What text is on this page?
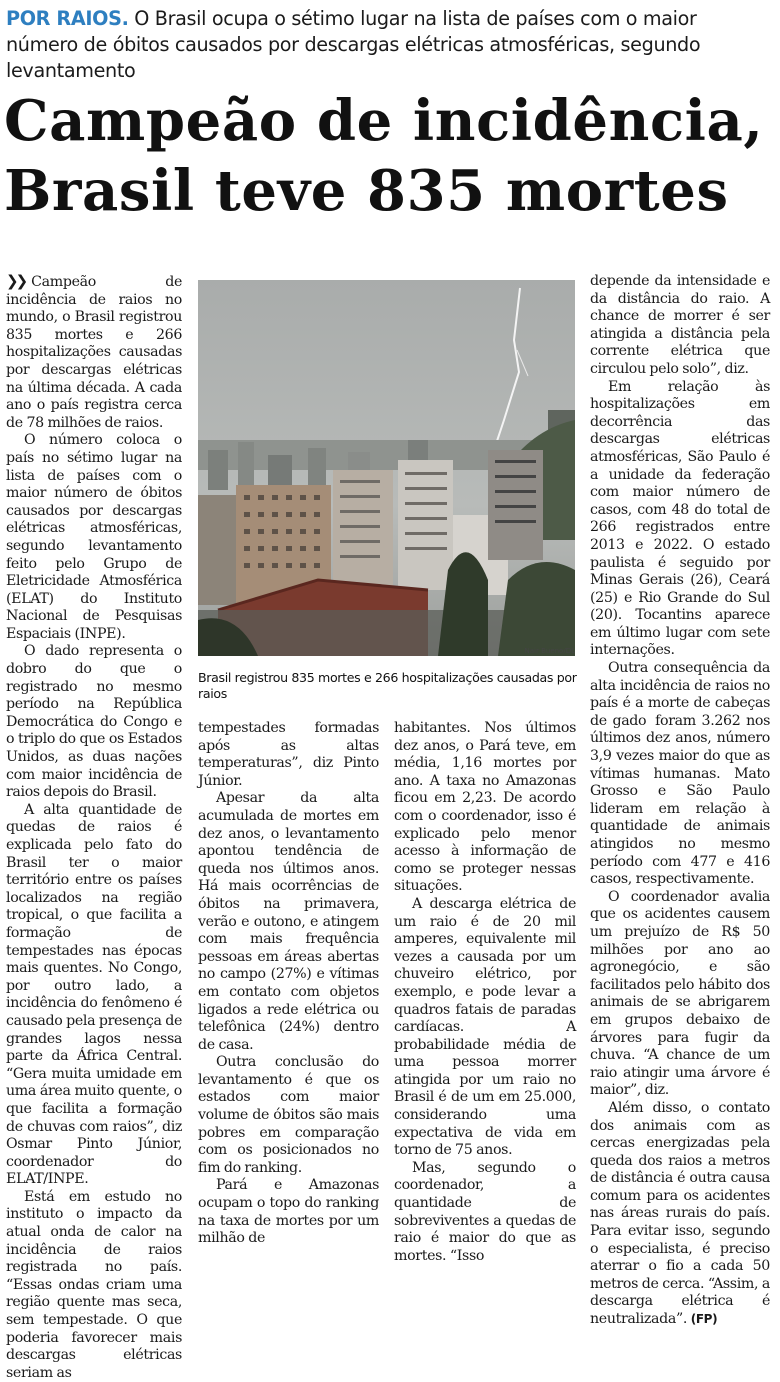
POR RAIOS. O Brasil ocupa o sétimo lugar na lista de países com o maior número de óbitos causados por descargas elétricas atmosféricas, segundo levantamento
Campeão de incidência,
Brasil teve 835 mortes

❯❯ Campeão de incidência de raios no mundo, o Brasil registrou 835 mortes e 266 hospitalizações causadas por descargas elétricas na última década. A cada ano o país registra cerca de 78 milhões de raios.

O número coloca o país no sétimo lugar na lista de países com o maior número de óbitos causados por descargas elétricas atmosféricas, segundo levantamento feito pelo Grupo de Eletricidade Atmosférica (ELAT) do Instituto Nacional de Pesquisas Espaciais (INPE).

O dado representa o dobro do que o registrado no mesmo período na República Democrática do Congo e o triplo do que os Estados Unidos, as duas nações com maior incidência de raios depois do Brasil.

A alta quantidade de quedas de raios é explicada pelo fato do Brasil ter o maior território entre os países localizados na região tropical, o que facilita a formação de tempestades nas épocas mais quentes. No Congo, por outro lado, a incidência do fenômeno é causado pela presença de grandes lagos nessa parte da África Central. “Gera muita umidade em uma área muito quente, o que facilita a formação de chuvas com raios”, diz Osmar Pinto Júnior, coordenador do ELAT/INPE.

Está em estudo no instituto o impacto da atual onda de calor na incidência de raios registrada no país. “Essas ondas criam uma região quente mas seca, sem tempestade. O que poderia favorecer mais descargas elétricas seriam as

Nair Bueno/DL
Brasil registrou 835 mortes e 266 hospitalizações causadas por raios

tempestades formadas após as altas temperaturas”, diz Pinto Júnior.

Apesar da alta acumulada de mortes em dez anos, o levantamento apontou tendência de queda nos últimos anos. Há mais ocorrências de óbitos na primavera, verão e outono, e atingem com mais frequência pessoas em áreas abertas no campo (27%) e vítimas em contato com objetos ligados a rede elétrica ou telefônica (24%) dentro de casa.

Outra conclusão do levantamento é que os estados com maior volume de óbitos são mais pobres em comparação com os posicionados no fim do ranking.

Pará e Amazonas ocupam o topo do ranking na taxa de mortes por um milhão de

habitantes. Nos últimos dez anos, o Pará teve, em média, 1,16 mortes por ano. A taxa no Amazonas ficou em 2,23. De acordo com o coordenador, isso é explicado pelo menor acesso à informação de como se proteger nessas situações.

A descarga elétrica de um raio é de 20 mil amperes, equivalente mil vezes a causada por um chuveiro elétrico, por exemplo, e pode levar a quadros fatais de paradas cardíacas. A probabilidade média de uma pessoa morrer atingida por um raio no Brasil é de um em 25.000, considerando uma expectativa de vida em torno de 75 anos.

Mas, segundo o coordenador, a quantidade de sobreviventes a quedas de raio é maior do que as mortes. “Isso

depende da intensidade e da distância do raio. A chance de morrer é ser atingida a distância pela corrente elétrica que circulou pelo solo”, diz.

Em relação às hospitalizações em decorrência das descargas elétricas atmosféricas, São Paulo é a unidade da federação com maior número de casos, com 48 do total de 266 registrados entre 2013 e 2022. O estado paulista é seguido por Minas Gerais (26), Ceará (25) e Rio Grande do Sul (20). Tocantins aparece em último lugar com sete internações.

Outra consequência da alta incidência de raios no país é a morte de cabeças de gado  foram 3.262 nos últimos dez anos, número 3,9 vezes maior do que as vítimas humanas. Mato Grosso e São Paulo lideram em relação à quantidade de animais atingidos no mesmo período com 477 e 416 casos, respectivamente.

O coordenador avalia que os acidentes causem um prejuízo de R$ 50 milhões por ano ao agronegócio, e são facilitados pelo hábito dos animais de se abrigarem em grupos debaixo de árvores para fugir da chuva. “A chance de um raio atingir uma árvore é maior”, diz.

Além disso, o contato dos animais com as cercas energizadas pela queda dos raios a metros de distância é outra causa comum para os acidentes nas áreas rurais do país. Para evitar isso, segundo o especialista, é preciso aterrar o fio a cada 50 metros de cerca. “Assim, a descarga elétrica é neutralizada”. (FP)
